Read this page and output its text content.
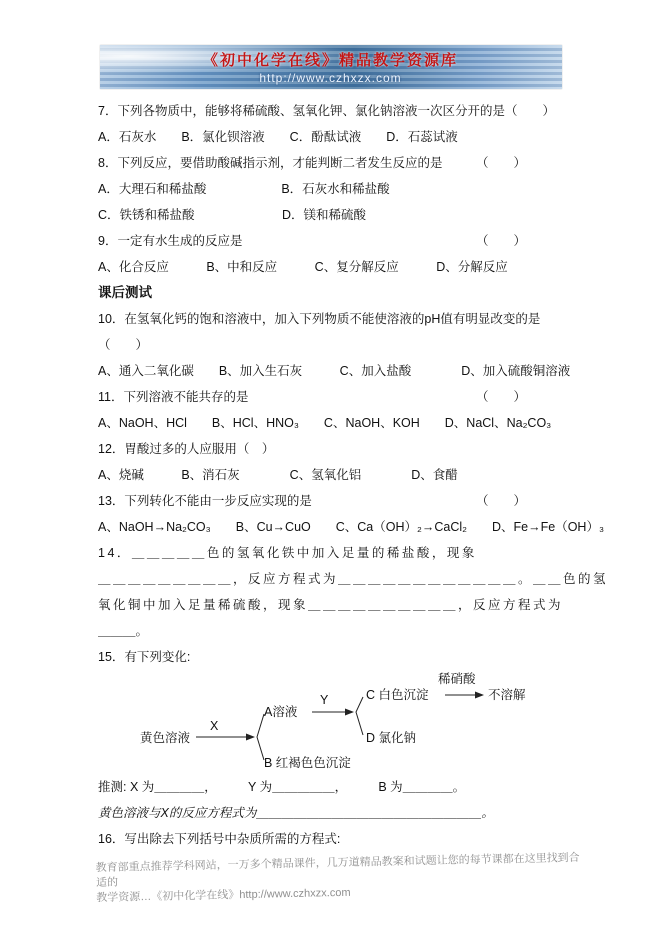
《初中化学在线》精品教学资源库
http://www.czhxzx.com

7．下列各物质中，能够将稀硫酸、氢氧化钾、氯化钠溶液一次区分开的是 （　　）

A．石灰水　　B．氯化钡溶液　　C．酚酞试液　　D．石蕊试液

8．下列反应，要借助酸碱指示剂，才能判断二者发生反应的是	（　　）

A．大理石和稀盐酸　　　　　　B．石灰水和稀盐酸

C．铁锈和稀盐酸　　　　　　　D．镁和稀硫酸

9．一定有水生成的反应是	（　　）

A、化合反应　　　B、中和反应　　　C、复分解反应　　　D、分解反应

课后测试

10．在氢氧化钙的饱和溶液中，加入下列物质不能使溶液的pH值有明显改变的是

（　　）

A、通入二氧化碳　　B、加入生石灰　　　C、加入盐酸　　　　D、加入硫酸铜溶液

11．下列溶液不能共存的是	（　　）

A、NaOH、HCl　　B、HCl、HNO₃　　C、NaOH、KOH　　D、NaCl、Na₂CO₃

12．胃酸过多的人应服用（　）

A、烧碱　　　B、消石灰　　　　C、氢氧化铝　　　　D、食醋

13．下列转化不能由一步反应实现的是	（　　）

A、NaOH→Na₂CO₃　　B、Cu→CuO　　C、Ca（OH）₂→CaCl₂　　D、Fe→Fe（OH）₃

14．＿＿＿＿＿色的氢氧化铁中加入足量的稀盐酸，现象

＿＿＿＿＿＿＿＿＿，反应方程式为＿＿＿＿＿＿＿＿＿＿＿＿。＿＿色的氢

氧化铜中加入足量稀硫酸，现象＿＿＿＿＿＿＿＿＿＿，反应方程式为

＿＿＿。

15．有下列变化:

黄色溶液
X
A溶液
Y	C 白色沉淀
稀硝酸
不溶解
D 氯化钠
B 红褐色色沉淀

推测: X 为＿＿＿＿，　　　Y 为＿＿＿＿＿，　　　B 为＿＿＿＿。

黄色溶液与X的反应方程式为＿＿＿＿＿＿＿＿＿＿＿＿＿＿＿＿＿＿。

16．写出除去下列括号中杂质所需的方程式:

教育部重点推荐学科网站，一万多个精品课件，几万道精品教案和试题让您的每节课都在这里找到合适的

教学资源…《初中化学在线》http://www.czhxzx.com
